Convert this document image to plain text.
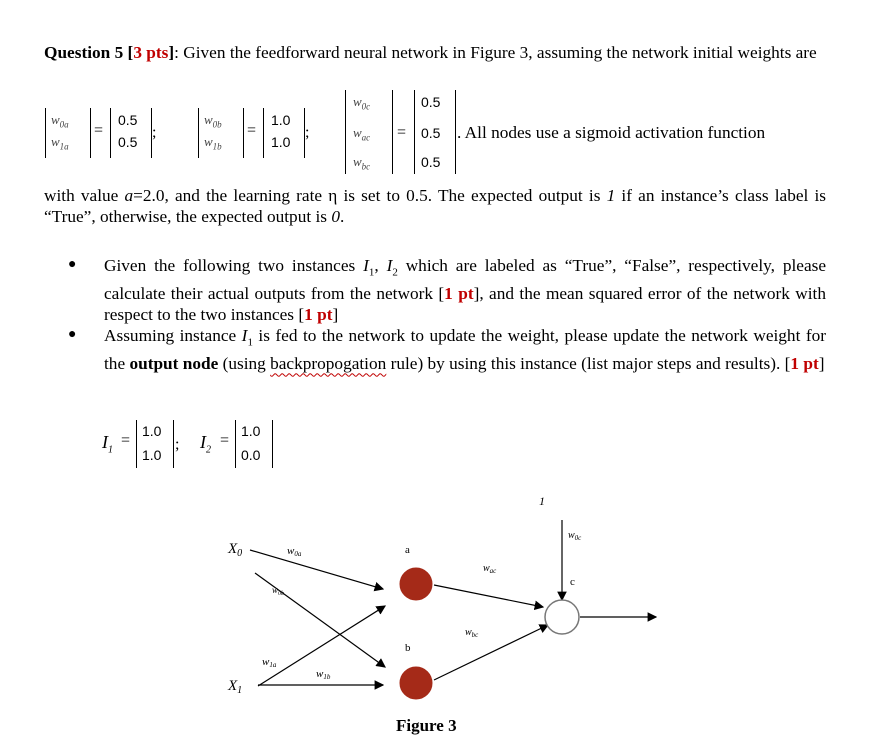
Question 5 [3 pts]: Given the feedforward neural network in Figure 3, assuming the network initial weights are
$w_{0a}$
$w_{1a}$
=
0.5
0.5
;
$w_{0b}$
$w_{1b}$
=
1.0
1.0
;
$w_{0c}$
$w_{ac}$
$w_{bc}$
=
0.5
0.5
0.5
. All nodes use a sigmoid activation function
with value a=2.0, and the learning rate η is set to 0.5. The expected output is 1 if an instance’s class label is “True”, otherwise, the expected output is 0.
● Given the following two instances $I_1$, $I_2$ which are labeled as “True”, “False”, respectively, please calculate their actual outputs from the network [1 pt], and the mean squared error of the network with respect to the two instances [1 pt]
● Assuming instance $I_1$ is fed to the network to update the weight, please update the network weight for the output node (using backpropogation rule) by using this instance (list major steps and results). [1 pt]
$I_1$
=
1.0
1.0
; $I_2$
=
1.0
0.0
$X_0$
$X_1$
1
a
b
c
w0a
$w_{0b}$
w1a
w1b
$w_{ac}$
$w_{bc}$
$w_{0c}$
Figure 3
